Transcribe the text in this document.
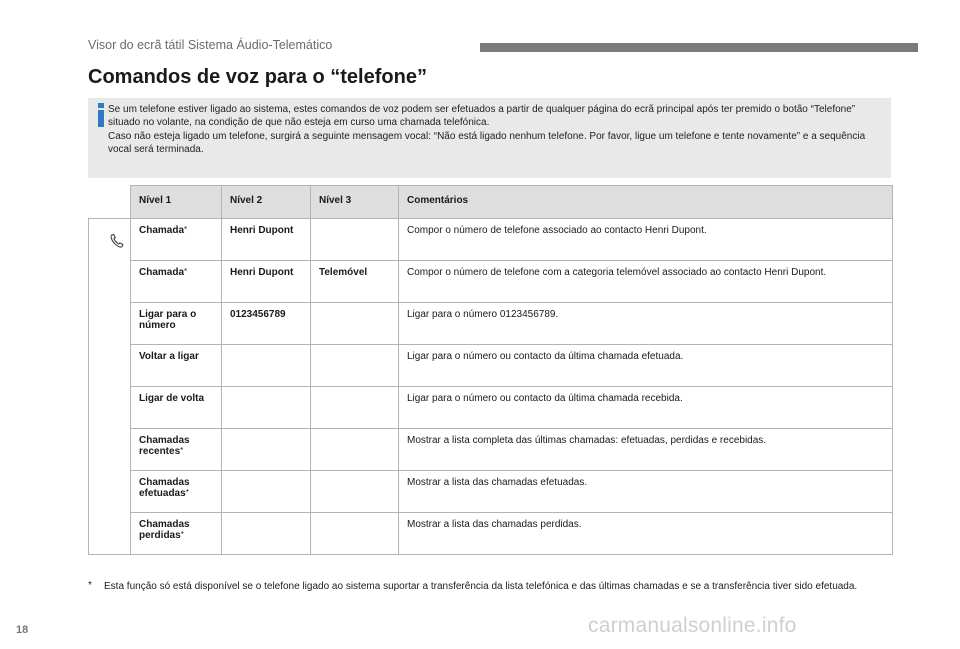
Visor do ecrã tátil Sistema Áudio-Telemático
Comandos de voz para o “telefone”

Se um telefone estiver ligado ao sistema, estes comandos de voz podem ser efetuados a partir de qualquer página do ecrã principal após ter premido o botão “Telefone” situado no volante, na condição de que não esteja em curso uma chamada telefónica.

Caso não esteja ligado um telefone, surgirá a seguinte mensagem vocal: “Não está ligado nenhum telefone. Por favor, ligue um telefone e tente novamente” e a sequência vocal será terminada.

	Nível 1	Nível 2	Nível 3	Comentários

	Chamada*	Henri Dupont		Compor o número de telefone associado ao contacto Henri Dupont.
	Chamada*	Henri Dupont	Telemóvel	Compor o número de telefone com a categoria telemóvel associado ao contacto Henri Dupont.
	Ligar para o número	0123456789		Ligar para o número 0123456789.
	Voltar a ligar			Ligar para o número ou contacto da última chamada efetuada.
	Ligar de volta			Ligar para o número ou contacto da última chamada recebida.
	Chamadas recentes*			Mostrar a lista completa das últimas chamadas: efetuadas, perdidas e recebidas.
	Chamadas efetuadas*			Mostrar a lista das chamadas efetuadas.
	Chamadas perdidas*			Mostrar a lista das chamadas perdidas.
* Esta função só está disponível se o telefone ligado ao sistema suportar a transferência da lista telefónica e das últimas chamadas e se a transferência tiver sido efetuada.
18	carmanualsonline.info
